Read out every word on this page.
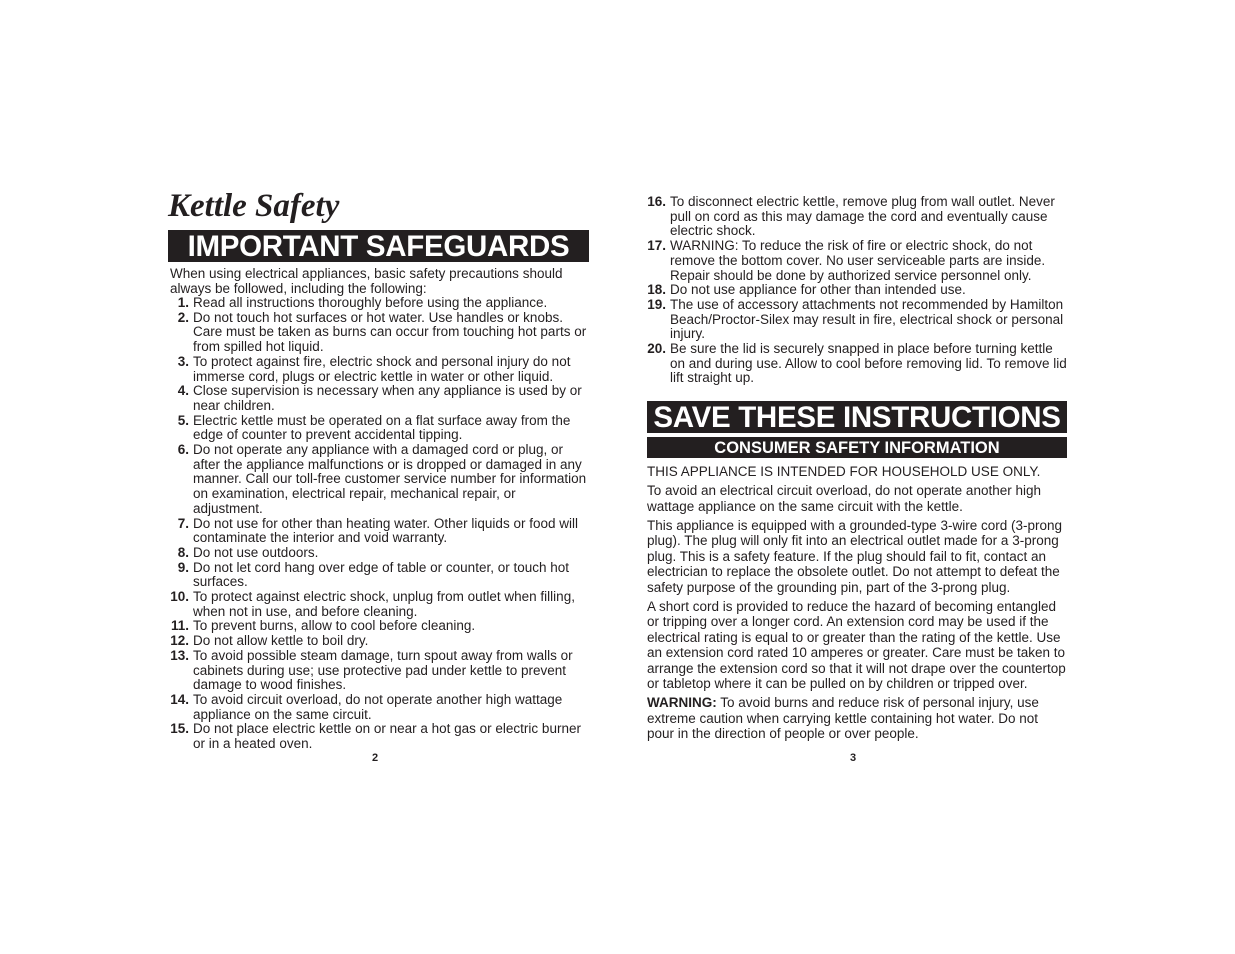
Kettle Safety
IMPORTANT SAFEGUARDS

When using electrical appliances, basic safety precautions should always be followed, including the following:

1. Read all instructions thoroughly before using the appliance.
2. Do not touch hot surfaces or hot water. Use handles or knobs. Care must be taken as burns can occur from touching hot parts or from spilled hot liquid.
3. To protect against fire, electric shock and personal injury do not immerse cord, plugs or electric kettle in water or other liquid.
4. Close supervision is necessary when any appliance is used by or near children.
5. Electric kettle must be operated on a flat surface away from the edge of counter to prevent accidental tipping.
6. Do not operate any appliance with a damaged cord or plug, or after the appliance malfunctions or is dropped or damaged in any manner. Call our toll-free customer service number for information on examination, electrical repair, mechanical repair, or adjustment.
7. Do not use for other than heating water. Other liquids or food will contaminate the interior and void warranty.
8. Do not use outdoors.
9. Do not let cord hang over edge of table or counter, or touch hot surfaces.
10. To protect against electric shock, unplug from outlet when filling, when not in use, and before cleaning.
11. To prevent burns, allow to cool before cleaning.
12. Do not allow kettle to boil dry.
13. To avoid possible steam damage, turn spout away from walls or cabinets during use; use protective pad under kettle to prevent damage to wood finishes.
14. To avoid circuit overload, do not operate another high wattage appliance on the same circuit.
15. Do not place electric kettle on or near a hot gas or electric burner or in a heated oven.
2
16. To disconnect electric kettle, remove plug from wall outlet. Never pull on cord as this may damage the cord and eventually cause electric shock.
17. WARNING: To reduce the risk of fire or electric shock, do not remove the bottom cover. No user serviceable parts are inside. Repair should be done by authorized service personnel only.
18. Do not use appliance for other than intended use.
19. The use of accessory attachments not recommended by Hamilton Beach/Proctor-Silex may result in fire, electrical shock or personal injury.
20. Be sure the lid is securely snapped in place before turning kettle on and during use. Allow to cool before removing lid. To remove lid lift straight up.
SAVE THESE INSTRUCTIONS
CONSUMER SAFETY INFORMATION

THIS APPLIANCE IS INTENDED FOR HOUSEHOLD USE ONLY.

To avoid an electrical circuit overload, do not operate another high wattage appliance on the same circuit with the kettle.

This appliance is equipped with a grounded-type 3-wire cord (3-prong plug). The plug will only fit into an electrical outlet made for a 3-prong plug. This is a safety feature. If the plug should fail to fit, contact an electrician to replace the obsolete outlet. Do not attempt to defeat the safety purpose of the grounding pin, part of the 3-prong plug.

A short cord is provided to reduce the hazard of becoming entangled or tripping over a longer cord. An extension cord may be used if the electrical rating is equal to or greater than the rating of the kettle. Use an extension cord rated 10 amperes or greater. Care must be taken to arrange the extension cord so that it will not drape over the countertop or tabletop where it can be pulled on by children or tripped over.

WARNING: To avoid burns and reduce risk of personal injury, use extreme caution when carrying kettle containing hot water. Do not pour in the direction of people or over people.

3
